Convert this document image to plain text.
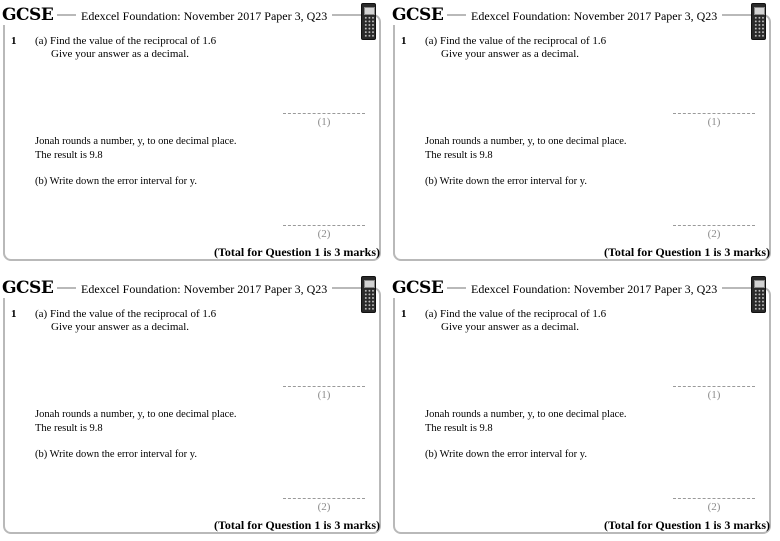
GCSE	Edexcel Foundation: November 2017 Paper 3, Q23
1 (a) Find the value of the reciprocal of 1.6
Give your answer as a decimal.
(1)
Jonah rounds a number, y, to one decimal place.
The result is 9.8
(b) Write down the error interval for y.
(2)
(Total for Question 1 is 3 marks)
GCSE	Edexcel Foundation: November 2017 Paper 3, Q23
1 (a) Find the value of the reciprocal of 1.6
Give your answer as a decimal.
(1)
Jonah rounds a number, y, to one decimal place.
The result is 9.8
(b) Write down the error interval for y.
(2)
(Total for Question 1 is 3 marks)
GCSE	Edexcel Foundation: November 2017 Paper 3, Q23
1 (a) Find the value of the reciprocal of 1.6
Give your answer as a decimal.
(1)
Jonah rounds a number, y, to one decimal place.
The result is 9.8
(b) Write down the error interval for y.
(2)
(Total for Question 1 is 3 marks)
GCSE	Edexcel Foundation: November 2017 Paper 3, Q23
1 (a) Find the value of the reciprocal of 1.6
Give your answer as a decimal.
(1)
Jonah rounds a number, y, to one decimal place.
The result is 9.8
(b) Write down the error interval for y.
(2)
(Total for Question 1 is 3 marks)
